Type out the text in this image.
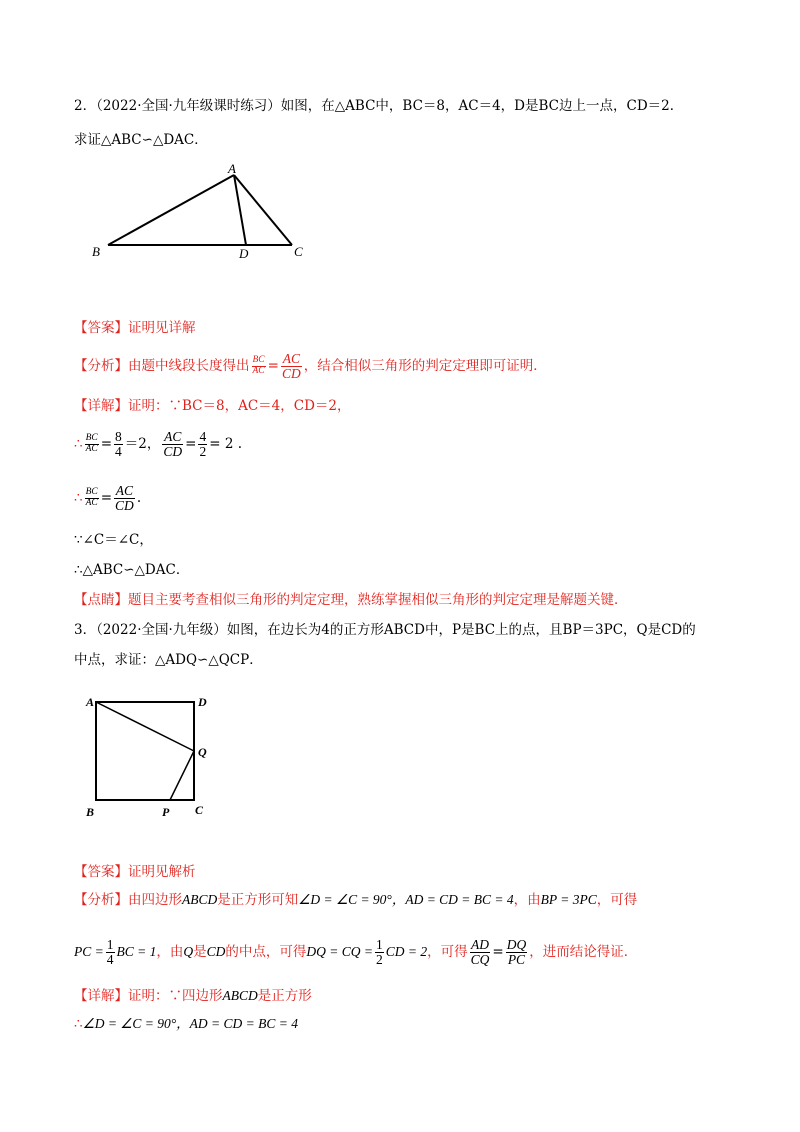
2．（2022·全国·九年级课时练习）如图，在△ABC中，BC＝8，AC＝4，D是BC边上一点，CD＝2．
求证△ABC∽△DAC．
A
B	D	C
【答案】证明见详解
【分析】由题中线段长度得出 $\frac{BC}{AC} = \frac{AC}{CD}$ ，结合相似三角形的判定定理即可证明．
【详解】证明：∵BC＝8，AC＝4，CD＝2，
∴ $\frac{BC}{AC} = \frac{8}{4} =2$， $\frac{AC}{CD} = \frac{4}{2} = 2$ .
∴ $\frac{BC}{AC} = \frac{AC}{CD}$ .
∵∠C＝∠C，
∴△ABC∽△DAC．
【点睛】题目主要考查相似三角形的判定定理，熟练掌握相似三角形的判定定理是解题关键．
3．（2022·全国·九年级）如图，在边长为4的正方形ABCD中，P是BC上的点，且BP＝3PC，Q是CD的
中点，求证：△ADQ∽△QCP．
A	D
Q
B	P C
【答案】证明见解析
【分析】由四边形ABCD是正方形可知∠D = ∠C = 90°，AD = CD = BC = 4，由BP = 3PC，可得
PC = $\frac{1}{4}$ BC = 1，由Q是CD的中点，可得DQ = CQ = $\frac{1}{2}$ CD = 2，可得 $\frac{AD}{CQ} = \frac{DQ}{PC}$ ，进而结论得证．
【详解】证明：∵四边形ABCD是正方形
∴∠D = ∠C = 90°，AD = CD = BC = 4
